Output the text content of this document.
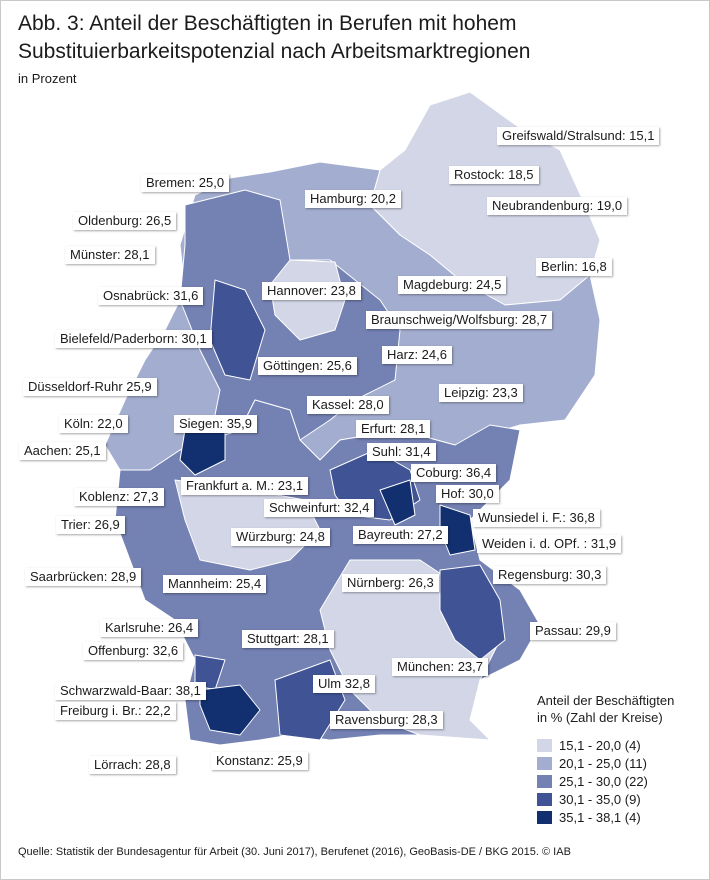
Abb. 3: Anteil der Beschäftigten in Berufen mit hohem
Substituierbarkeitspotenzial nach Arbeitsmarktregionen
in Prozent
Greifswald/Stralsund: 15,1
Bremen: 25,0
Hamburg: 20,2
Rostock: 18,5
Oldenburg: 26,5
Neubrandenburg: 19,0
Münster: 28,1
Berlin: 16,8
Hannover: 23,8	Magdeburg: 24,5
Osnabrück: 31,6
Braunschweig/Wolfsburg: 28,7
Bielefeld/Paderborn: 30,1
Harz: 24,6
Göttingen: 25,6
Düsseldorf-Ruhr 25,9	Leipzig: 23,3
Kassel: 28,0
Köln: 22,0	Siegen: 35,9	Erfurt: 28,1
Aachen: 25,1	Suhl: 31,4
Coburg: 36,4
Frankfurt a. M.: 23,1
Hof: 30,0
Koblenz: 27,3
Schweinfurt: 32,4
Wunsiedel i. F.: 36,8
Trier: 26,9
Bayreuth: 27,2
Weiden i. d. OPf. : 31,9
Würzburg: 24,8
Saarbrücken: 28,9	Mannheim: 25,4
Regensburg: 30,3
Nürnberg: 26,3
Karlsruhe: 26,4
Stuttgart: 28,1
Passau: 29,9
Offenburg: 32,6
München: 23,7
Ulm 32,8
Schwarzwald-Baar: 38,1
Freiburg i. Br.: 22,2
Ravensburg: 28,3
Lörrach: 28,8	Konstanz: 25,9
Anteil der Beschäftigten
in % (Zahl der Kreise)
15,1 - 20,0 (4)
20,1 - 25,0 (11)
25,1 - 30,0 (22)
30,1 - 35,0 (9)
35,1 - 38,1 (4)
Quelle: Statistik der Bundesagentur für Arbeit (30. Juni 2017), Berufenet (2016), GeoBasis-DE / BKG 2015. © IAB
